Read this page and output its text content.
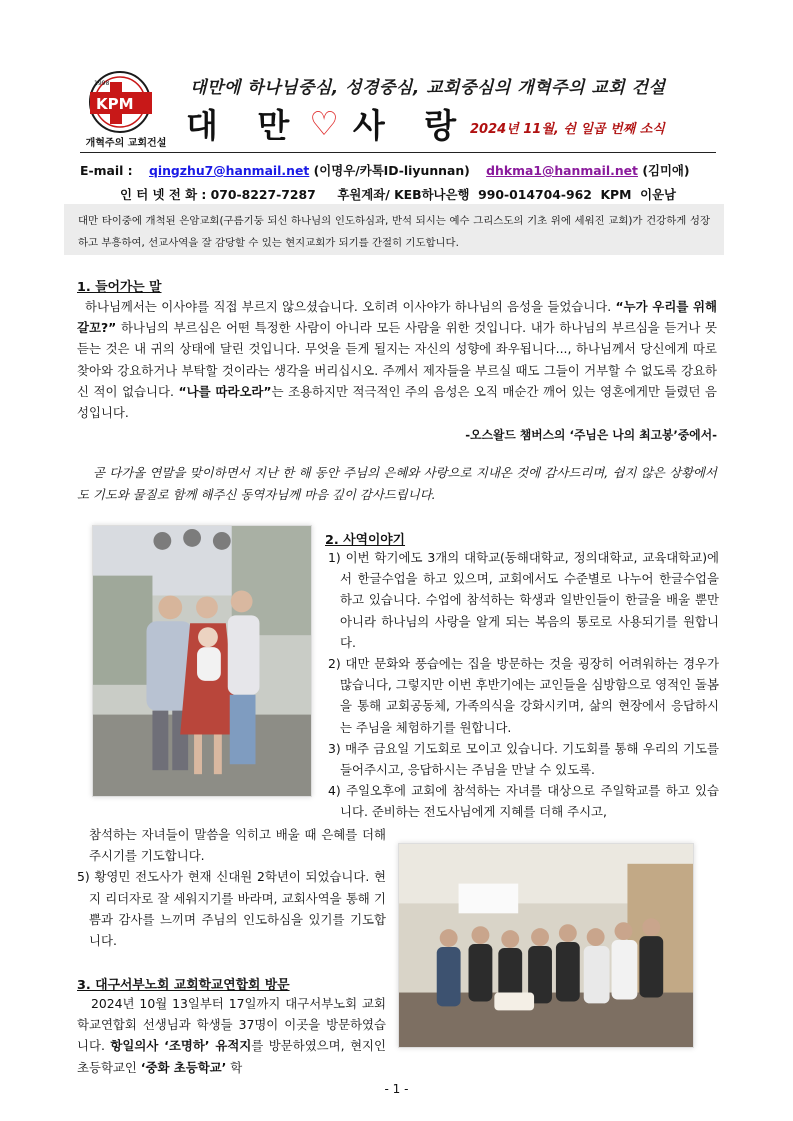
1998
KPM
개혁주의 교회건설
대만에 하나님중심, 성경중심, 교회중심의 개혁주의 교회 건설
대 만 ♡ 사 랑 2024년 11월, 쉰 일곱 번째 소식
E-mail : qingzhu7@hanmail.net (이명우/카톡ID-liyunnan) dhkma1@hanmail.net (김미애)
인 터 넷 전 화 : 070-8227-7287     후원계좌/ KEB하나은행  990-014704-962  KPM  이운남
대만 타이중에 개척된 은암교회(구름기둥 되신 하나님의 인도하심과, 반석 되시는 예수 그리스도의 기초 위에 세워진 교회)가 건강하게 성장하고 부흥하여, 선교사역을 잘 감당할 수 있는 현지교회가 되기를 간절히 기도합니다.
1. 들어가는 말
하나님께서는 이사야를 직접 부르지 않으셨습니다. 오히려 이사야가 하나님의 음성을 들었습니다. “누가 우리를 위해 갈꼬?” 하나님의 부르심은 어떤 특정한 사람이 아니라 모든 사람을 위한 것입니다. 내가 하나님의 부르심을 듣거나 못 듣는 것은 내 귀의 상태에 달린 것입니다. 무엇을 듣게 될지는 자신의 성향에 좌우됩니다..., 하나님께서 당신에게 따로 찾아와 강요하거나 부탁할 것이라는 생각을 버리십시오. 주께서 제자들을 부르실 때도 그들이 거부할 수 없도록 강요하신 적이 없습니다. “나를 따라오라”는 조용하지만 적극적인 주의 음성은 오직 매순간 깨어 있는 영혼에게만 들렸던 음성입니다.
-오스왈드 챔버스의 ‘주님은 나의 최고봉’중에서-
곧 다가올 연말을 맞이하면서 지난 한 해 동안 주님의 은혜와 사랑으로 지내온 것에 감사드리며, 쉽지 않은 상황에서도 기도와 물질로 함께 해주신 동역자님께 마음 깊이 감사드립니다.
2. 사역이야기
1) 이번 학기에도 3개의 대학교(동해대학교, 정의대학교, 교육대학교)에서 한글수업을 하고 있으며, 교회에서도 수준별로 나누어 한글수업을 하고 있습니다. 수업에 참석하는 학생과 일반인들이 한글을 배울 뿐만 아니라 하나님의 사랑을 알게 되는 복음의 통로로 사용되기를 원합니다.
2) 대만 문화와 풍습에는 집을 방문하는 것을 굉장히 어려워하는 경우가 많습니다, 그렇지만 이번 후반기에는 교인들을 심방함으로 영적인 돌봄을 통해 교회공동체, 가족의식을 강화시키며, 삶의 현장에서 응답하시는 주님을 체험하기를 원합니다.
3) 매주 금요일 기도회로 모이고 있습니다. 기도회를 통해 우리의 기도를 들어주시고, 응답하시는 주님을 만날 수 있도록.
4) 주일오후에 교회에 참석하는 자녀를 대상으로 주일학교를 하고 있습니다. 준비하는 전도사님에게 지혜를 더해 주시고,
참석하는 자녀들이 말씀을 익히고 배울 때 은혜를 더해 주시기를 기도합니다.
5) 황영민 전도사가 현재 신대원 2학년이 되었습니다. 현지 리더자로 잘 세워지기를 바라며, 교회사역을 통해 기쁨과 감사를 느끼며 주님의 인도하심을 있기를 기도합니다.
3. 대구서부노회 교회학교연합회 방문
2024년 10월 13일부터 17일까지 대구서부노회 교회학교연합회 선생님과 학생들 37명이 이곳을 방문하였습니다. 항일의사 ‘조명하’ 유적지를 방문하였으며, 현지인 초등학교인 ‘중화 초등학교’ 학
- 1 -
